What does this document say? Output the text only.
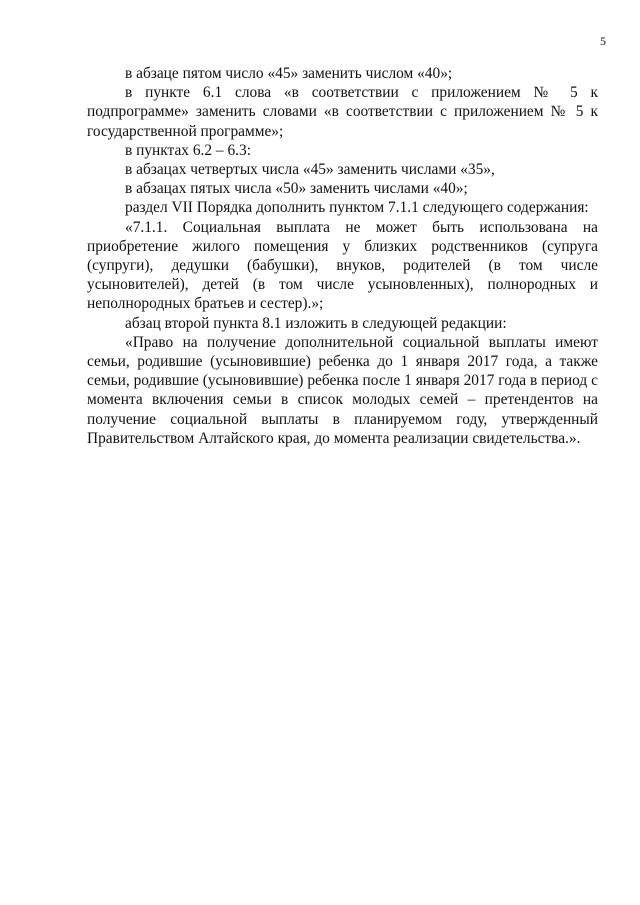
5

в абзаце пятом число «45» заменить числом «40»;

в пункте 6.1 слова «в соответствии с приложением № 5 к подпрограмме» заменить словами «в соответствии с приложением № 5 к государственной программе»;

в пунктах 6.2 – 6.3:

в абзацах четвертых числа «45» заменить числами «35»,

в абзацах пятых числа «50» заменить числами «40»;

раздел VII Порядка дополнить пунктом 7.1.1 следующего содержания:

«7.1.1. Социальная выплата не может быть использована на приобретение жилого помещения у близких родственников (супруга (супруги), дедушки (бабушки), внуков, родителей (в том числе усыновителей), детей (в том числе усыновленных), полнородных и неполнородных братьев и сестер).»;

абзац второй пункта 8.1 изложить в следующей редакции:

«Право на получение дополнительной социальной выплаты имеют семьи, родившие (усыновившие) ребенка до 1 января 2017 года, а также семьи, родившие (усыновившие) ребенка после 1 января 2017 года в период с момента включения семьи в список молодых семей – претендентов на получение социальной выплаты в планируемом году, утвержденный Правительством Алтайского края, до момента реализации свидетельства.».
